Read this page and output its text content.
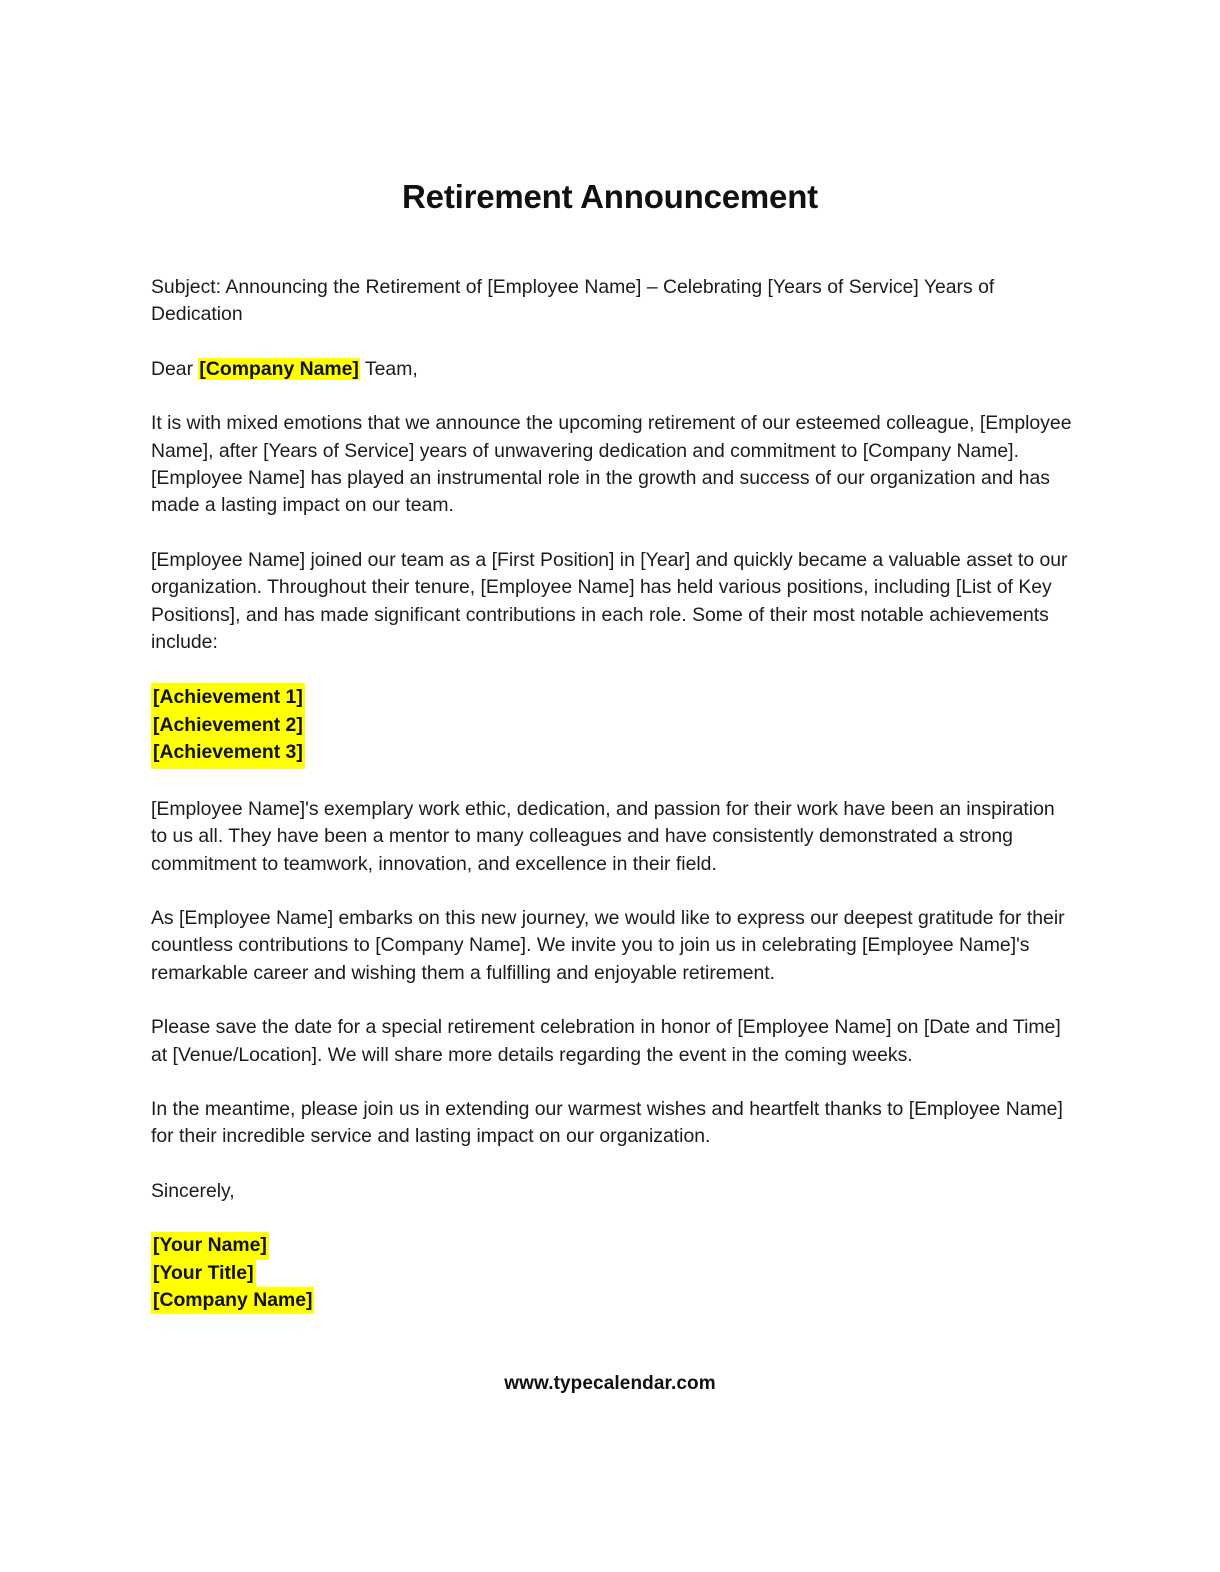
Retirement Announcement

Subject: Announcing the Retirement of [Employee Name] – Celebrating [Years of Service] Years of Dedication

Dear [Company Name] Team,

It is with mixed emotions that we announce the upcoming retirement of our esteemed colleague, [Employee Name], after [Years of Service] years of unwavering dedication and commitment to [Company Name]. [Employee Name] has played an instrumental role in the growth and success of our organization and has made a lasting impact on our team.

[Employee Name] joined our team as a [First Position] in [Year] and quickly became a valuable asset to our organization. Throughout their tenure, [Employee Name] has held various positions, including [List of Key Positions], and has made significant contributions in each role. Some of their most notable achievements include:

[Achievement 1]
[Achievement 2]
[Achievement 3]

[Employee Name]'s exemplary work ethic, dedication, and passion for their work have been an inspiration to us all. They have been a mentor to many colleagues and have consistently demonstrated a strong commitment to teamwork, innovation, and excellence in their field.

As [Employee Name] embarks on this new journey, we would like to express our deepest gratitude for their countless contributions to [Company Name]. We invite you to join us in celebrating [Employee Name]'s remarkable career and wishing them a fulfilling and enjoyable retirement.

Please save the date for a special retirement celebration in honor of [Employee Name] on [Date and Time] at [Venue/Location]. We will share more details regarding the event in the coming weeks.

In the meantime, please join us in extending our warmest wishes and heartfelt thanks to [Employee Name] for their incredible service and lasting impact on our organization.

Sincerely,

[Your Name]
[Your Title]
[Company Name]
www.typecalendar.com
